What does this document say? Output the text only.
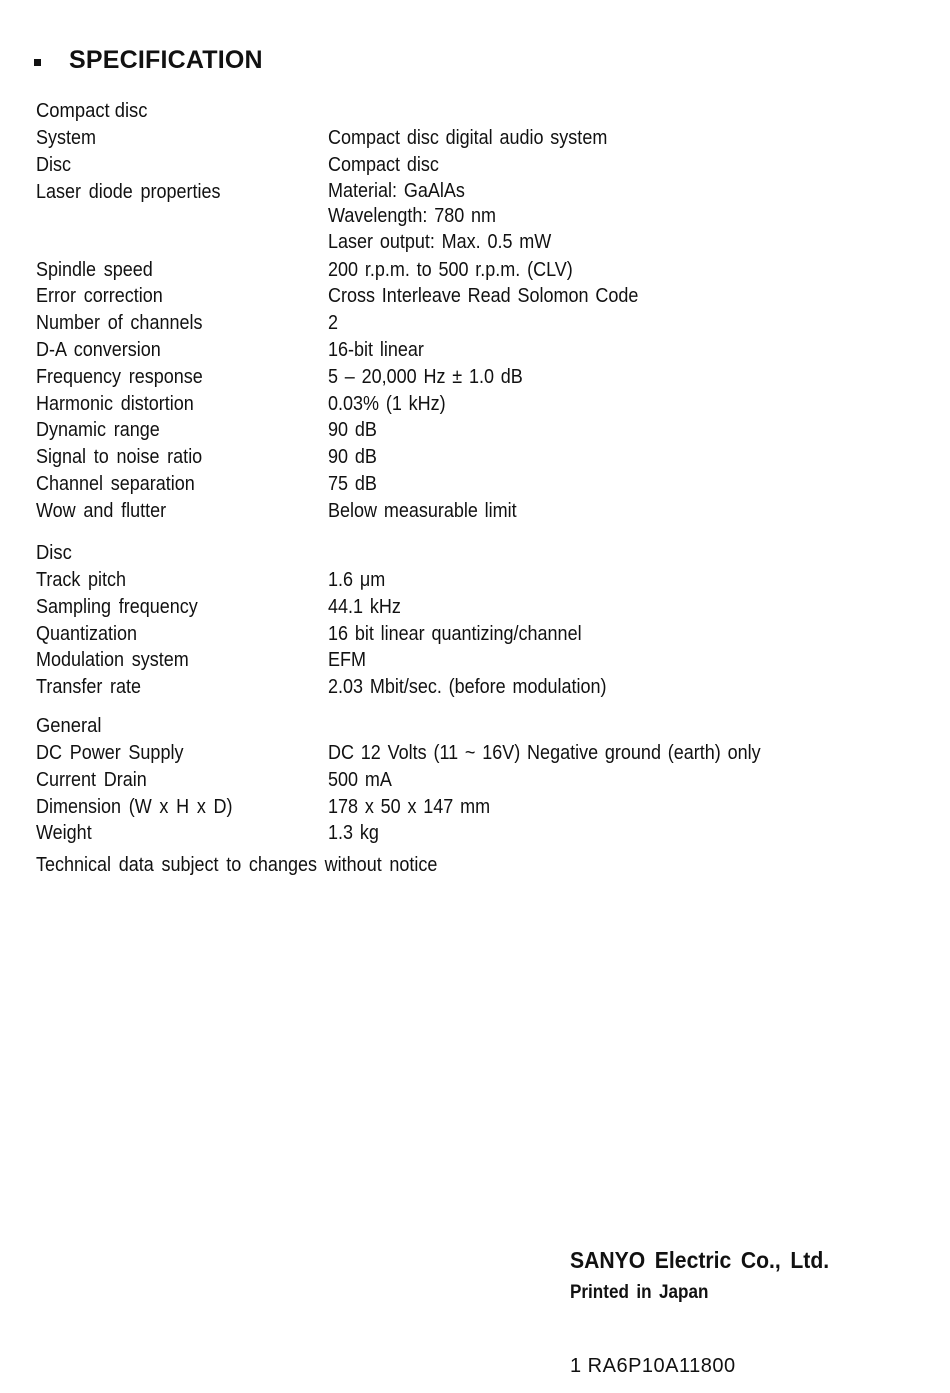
SPECIFICATION
Compact disc
System	Compact disc digital audio system
Disc	Compact disc
Laser diode properties	Material: GaAlAs
Wavelength: 780 nm
Laser output: Max. 0.5 mW
Spindle speed	200 r.p.m. to 500 r.p.m. (CLV)
Error correction	Cross Interleave Read Solomon Code
Number of channels	2
D-A conversion	16-bit linear
Frequency response	5 – 20,000 Hz ± 1.0 dB
Harmonic distortion	0.03% (1 kHz)
Dynamic range	90 dB
Signal to noise ratio	90 dB
Channel separation	75 dB
Wow and flutter	Below measurable limit
Disc
Track pitch	1.6 μm
Sampling frequency	44.1 kHz
Quantization	16 bit linear quantizing/channel
Modulation system	EFM
Transfer rate	2.03 Mbit/sec. (before modulation)
General
DC Power Supply	DC 12 Volts (11 ~ 16V) Negative ground (earth) only
Current Drain	500 mA
Dimension (W x H x D)	178 x 50 x 147 mm
Weight	1.3 kg
Technical data subject to changes without notice
SANYO Electric Co., Ltd.
Printed in Japan
1 RA6P10A11800
